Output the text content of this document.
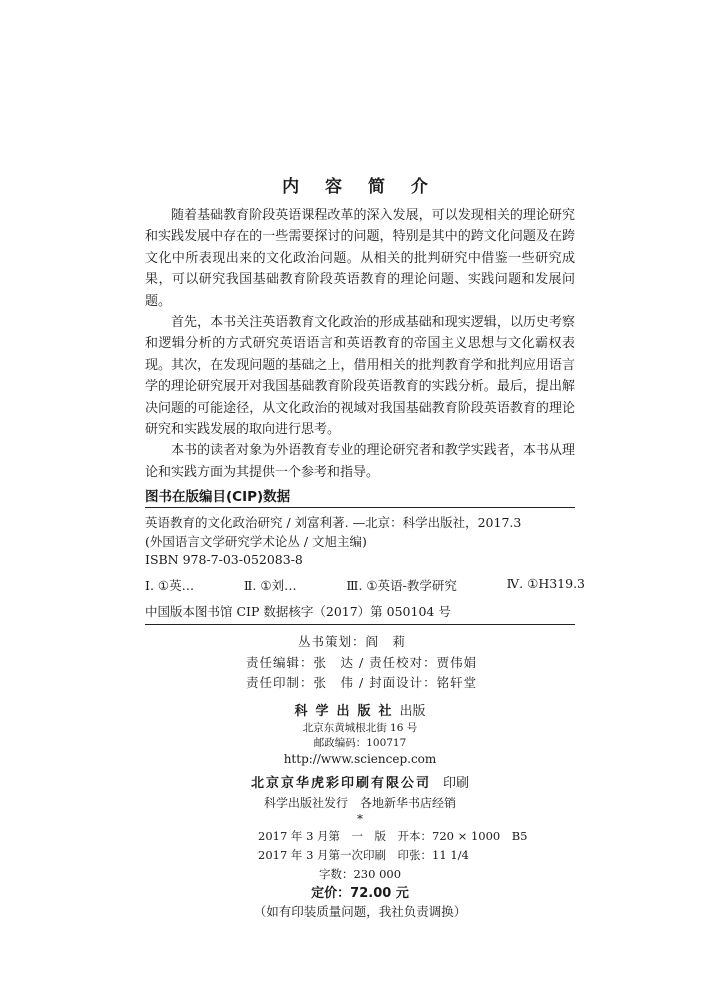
内 容 简 介

随着基础教育阶段英语课程改革的深入发展，可以发现相关的理论研究和实践发展中存在的一些需要探讨的问题，特别是其中的跨文化问题及在跨文化中所表现出来的文化政治问题。从相关的批判研究中借鉴一些研究成果，可以研究我国基础教育阶段英语教育的理论问题、实践问题和发展问题。

首先，本书关注英语教育文化政治的形成基础和现实逻辑，以历史考察和逻辑分析的方式研究英语语言和英语教育的帝国主义思想与文化霸权表现。其次，在发现问题的基础之上，借用相关的批判教育学和批判应用语言学的理论研究展开对我国基础教育阶段英语教育的实践分析。最后，提出解决问题的可能途径，从文化政治的视域对我国基础教育阶段英语教育的理论研究和实践发展的取向进行思考。

本书的读者对象为外语教育专业的理论研究者和教学实践者，本书从理论和实践方面为其提供一个参考和指导。

图书在版编目(CIP)数据
英语教育的文化政治研究 / 刘富利著. —北京：科学出版社，2017.3
(外国语言文学研究学术论丛 / 文旭主编)
ISBN 978-7-03-052083-8
Ⅰ. ①英…	Ⅱ. ①刘…	Ⅲ. ①英语-教学研究	Ⅳ. ①H319.3
中国版本图书馆 CIP 数据核字（2017）第 050104 号
丛书策划：阎　莉
责任编辑：张　达 / 责任校对：贾伟娟
责任印制：张　伟 / 封面设计：铭轩堂
科学出版社出版
北京东黄城根北街 16 号
邮政编码：100717
http://www.sciencep.com
北京京华虎彩印刷有限公司 印刷
科学出版社发行　各地新华书店经销
*
2017 年 3 月第　一　版　开本：720 × 1000　B5
2017 年 3 月第一次印刷　印张：11 1/4
字数：230 000
定价：72.00 元
（如有印装质量问题，我社负责调换）
